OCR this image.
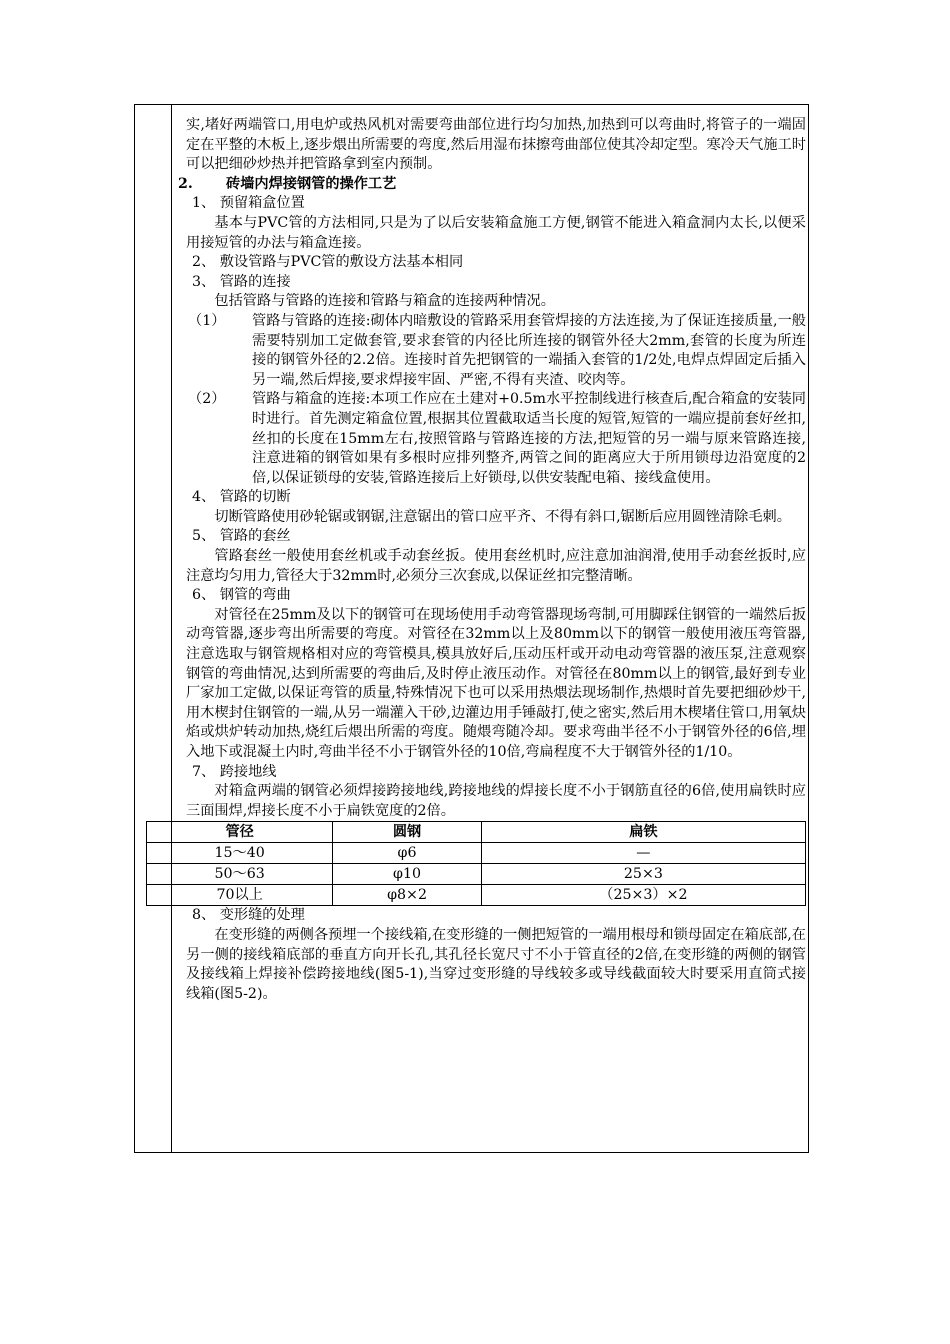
实,堵好两端管口,用电炉或热风机对需要弯曲部位进行均匀加热,加热到可以弯曲时,将管子的一端固定在平整的木板上,逐步煨出所需要的弯度,然后用湿布抹擦弯曲部位使其冷却定型。寒冷天气施工时可以把细砂炒热并把管路拿到室内预制。

2. 砖墙内焊接钢管的操作工艺

1、 预留箱盒位置

基本与PVC管的方法相同,只是为了以后安装箱盒施工方便,钢管不能进入箱盒洞内太长,以便采用接短管的办法与箱盒连接。

2、 敷设管路与PVC管的敷设方法基本相同

3、 管路的连接

包括管路与管路的连接和管路与箱盒的连接两种情况。

（1）	管路与管路的连接:砌体内暗敷设的管路采用套管焊接的方法连接,为了保证连接质量,一般需要特别加工定做套管,要求套管的内径比所连接的钢管外径大2mm,套管的长度为所连接的钢管外径的2.2倍。连接时首先把钢管的一端插入套管的1/2处,电焊点焊固定后插入另一端,然后焊接,要求焊接牢固、严密,不得有夹渣、咬肉等。
（2）	管路与箱盒的连接:本项工作应在土建对+0.5m水平控制线进行核查后,配合箱盒的安装同时进行。首先测定箱盒位置,根据其位置截取适当长度的短管,短管的一端应提前套好丝扣,丝扣的长度在15mm左右,按照管路与管路连接的方法,把短管的另一端与原来管路连接,注意进箱的钢管如果有多根时应排列整齐,两管之间的距离应大于所用锁母边沿宽度的2倍,以保证锁母的安装,管路连接后上好锁母,以供安装配电箱、接线盒使用。

4、 管路的切断

切断管路使用砂轮锯或钢锯,注意锯出的管口应平齐、不得有斜口,锯断后应用圆锉清除毛刺。

5、 管路的套丝

管路套丝一般使用套丝机或手动套丝扳。使用套丝机时,应注意加油润滑,使用手动套丝扳时,应注意均匀用力,管径大于32mm时,必须分三次套成,以保证丝扣完整清晰。

6、 钢管的弯曲

对管径在25mm及以下的钢管可在现场使用手动弯管器现场弯制,可用脚踩住钢管的一端然后扳动弯管器,逐步弯出所需要的弯度。对管径在32mm以上及80mm以下的钢管一般使用液压弯管器,注意选取与钢管规格相对应的弯管模具,模具放好后,压动压杆或开动电动弯管器的液压泵,注意观察钢管的弯曲情况,达到所需要的弯曲后,及时停止液压动作。对管径在80mm以上的钢管,最好到专业厂家加工定做,以保证弯管的质量,特殊情况下也可以采用热煨法现场制作,热煨时首先要把细砂炒干,用木楔封住钢管的一端,从另一端灌入干砂,边灌边用手锤敲打,使之密实,然后用木楔堵住管口,用氧炔焰或烘炉转动加热,烧红后煨出所需的弯度。随煨弯随冷却。要求弯曲半径不小于钢管外径的6倍,埋入地下或混凝土内时,弯曲半径不小于钢管外径的10倍,弯扁程度不大于钢管外径的1/10。

7、 跨接地线

对箱盒两端的钢管必须焊接跨接地线,跨接地线的焊接长度不小于钢筋直径的6倍,使用扁铁时应三面围焊,焊接长度不小于扁铁宽度的2倍。

管径	圆钢	扁铁
15～40	φ6	—
50～63	φ10	25×3
70以上	φ8×2	（25×3）×2

8、 变形缝的处理

在变形缝的两侧各预埋一个接线箱,在变形缝的一侧把短管的一端用根母和锁母固定在箱底部,在另一侧的接线箱底部的垂直方向开长孔,其孔径长宽尺寸不小于管直径的2倍,在变形缝的两侧的钢管及接线箱上焊接补偿跨接地线(图5-1),当穿过变形缝的导线较多或导线截面较大时要采用直筒式接线箱(图5-2)。
